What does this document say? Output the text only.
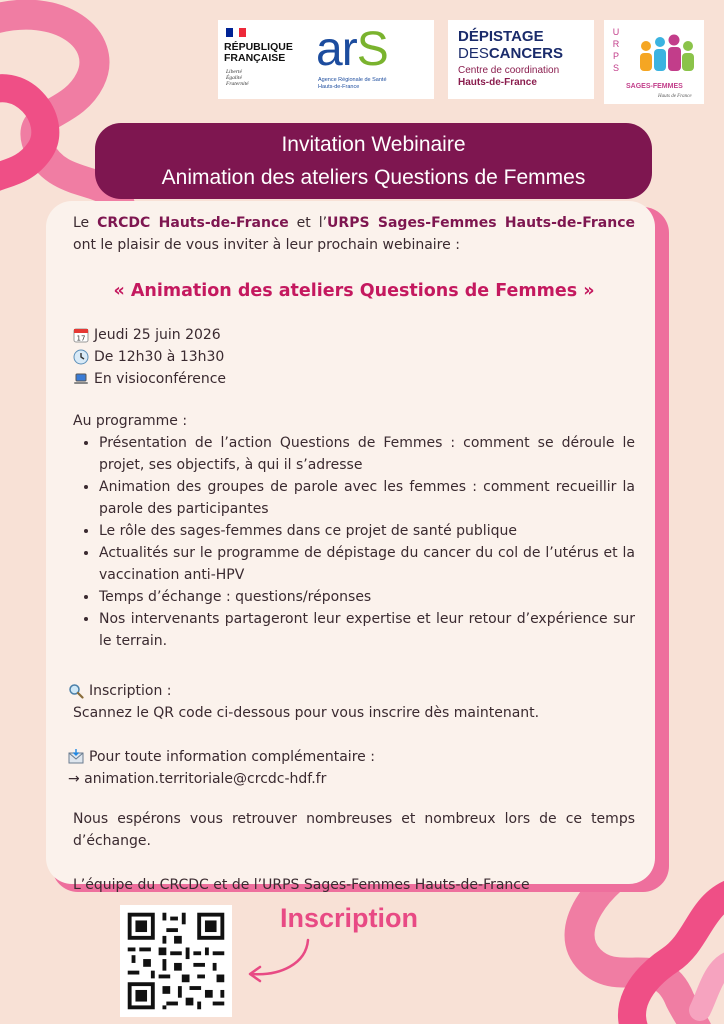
RÉPUBLIQUE
FRANÇAISE
Liberté
Égalité
Fraternité
arS
Agence Régionale de Santé
Hauts-de-France
DÉPISTAGE
DESCANCERS
Centre de coordination
Hauts-de-France
U
R
P
S
SAGES-FEMMES
Hauts de France
Invitation Webinaire
Animation des ateliers Questions de Femmes
Le CRCDC Hauts-de-France et l’URPS Sages-Femmes Hauts-de-France ont le plaisir de vous inviter à leur prochain webinaire :
« Animation des ateliers Questions de Femmes »
17 Jeudi 25 juin 2026
De 12h30 à 13h30
En visioconférence
Au programme :
• Présentation de l’action Questions de Femmes : comment se déroule le projet, ses objectifs, à qui il s’adresse
• Animation des groupes de parole avec les femmes : comment recueillir la parole des participantes
• Le rôle des sages-femmes dans ce projet de santé publique
• Actualités sur le programme de dépistage du cancer du col de l’utérus et la vaccination anti-HPV
• Temps d’échange : questions/réponses
• Nos intervenants partageront leur expertise et leur retour d’expérience sur le terrain.
Inscription :
Scannez le QR code ci-dessous pour vous inscrire dès maintenant.
Pour toute information complémentaire :
→ animation.territoriale@crcdc-hdf.fr
Nous espérons vous retrouver nombreuses et nombreux lors de ce temps d’échange.
L’équipe du CRCDC et de l’URPS Sages-Femmes Hauts-de-France
Inscription
